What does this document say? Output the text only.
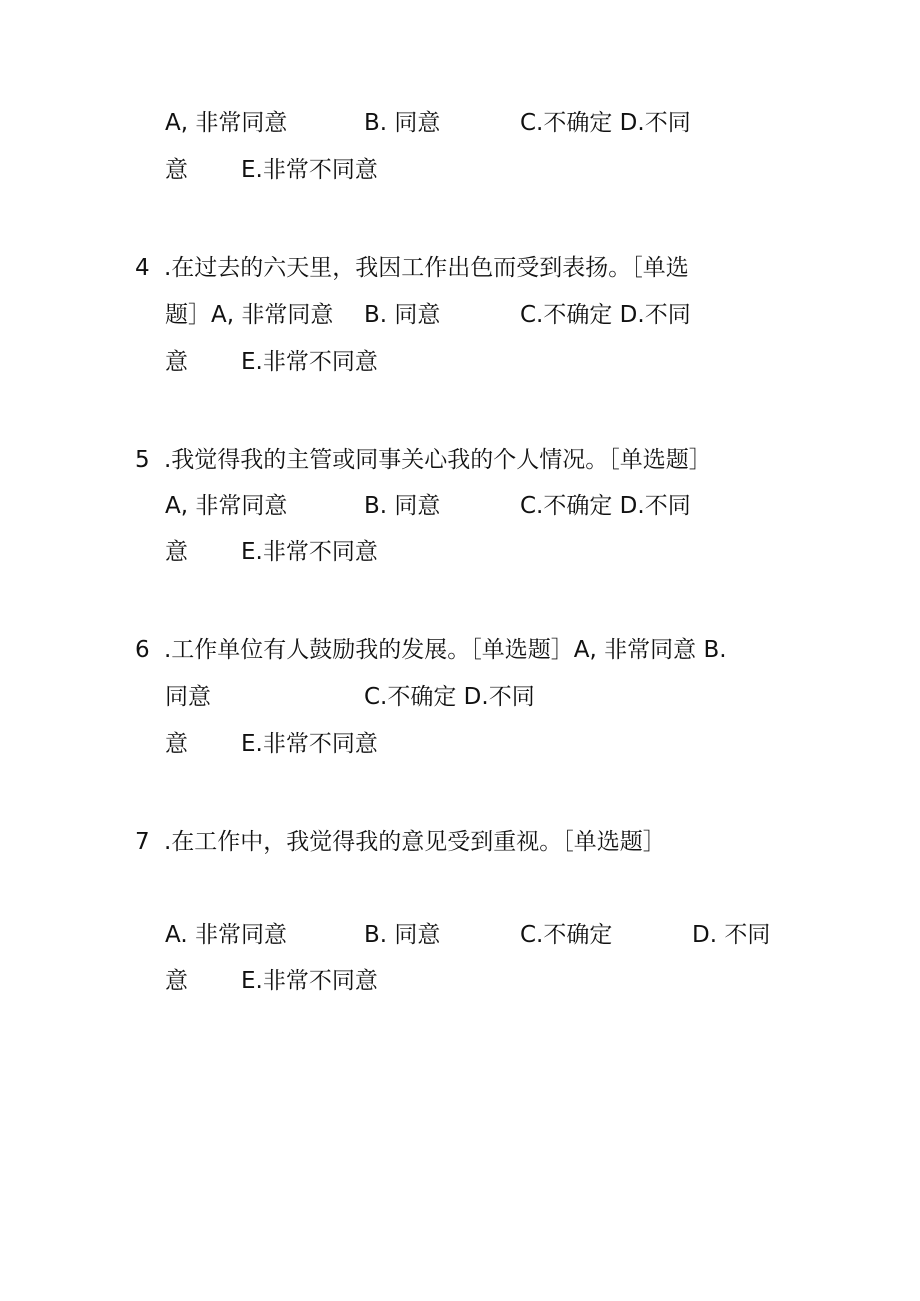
A, 非常同意	B. 同意	C.不确定 D.不同
意 E.非常不同意
4 .在过去的六天里，我因工作出色而受到表扬。［单选
题］A, 非常同意 B. 同意	C.不确定 D.不同
意 E.非常不同意
5 .我觉得我的主管或同事关心我的个人情况。［单选题］
A, 非常同意	B. 同意	C.不确定 D.不同
意 E.非常不同意
6 .工作单位有人鼓励我的发展。［单选题］A, 非常同意 B.
同意	C.不确定 D.不同
意 E.非常不同意
7 .在工作中，我觉得我的意见受到重视。［单选题］
A. 非常同意	B. 同意	C.不确定	D. 不同
意 E.非常不同意
